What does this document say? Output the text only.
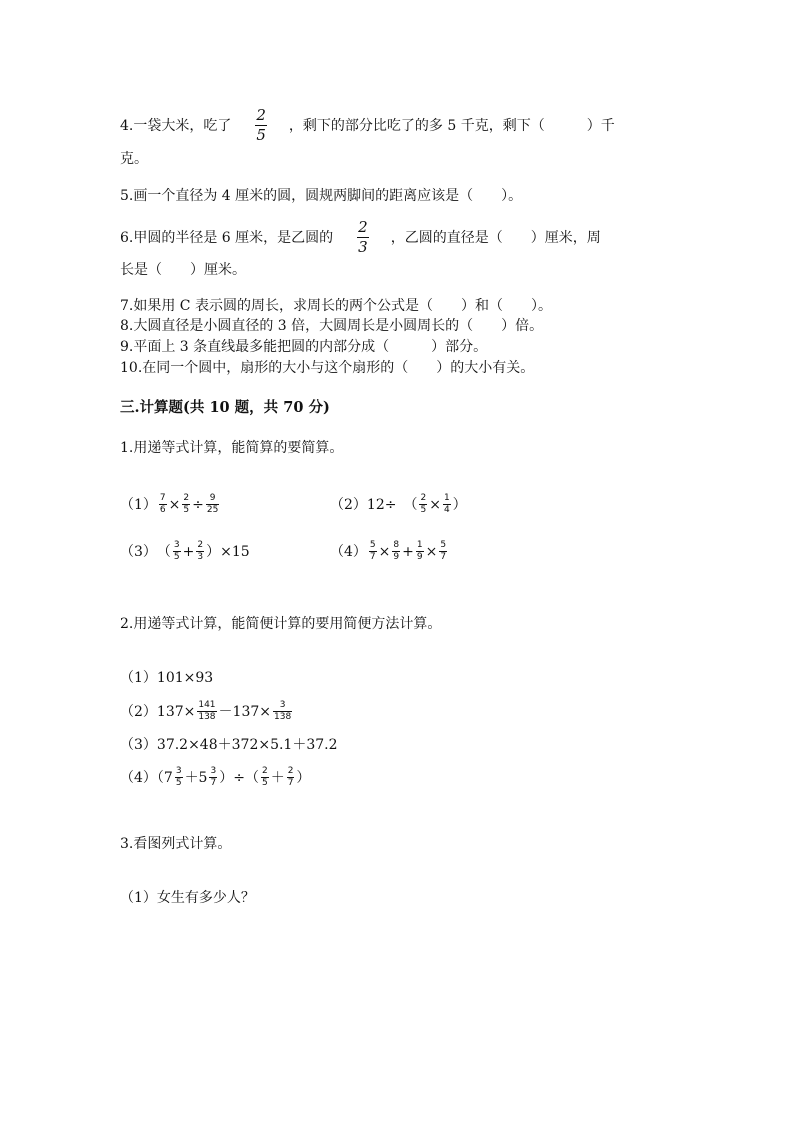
4.一袋大米，吃了 $\frac{2}{5}$ ，剩下的部分比吃了的多 5 千克，剩下（　　　）千
克。
5.画一个直径为 4 厘米的圆，圆规两脚间的距离应该是（　　）。
6.甲圆的半径是 6 厘米，是乙圆的 $\frac{2}{3}$ ，乙圆的直径是（　　）厘米，周
长是（　　）厘米。
7.如果用 C 表示圆的周长，求周长的两个公式是（　　）和（　　）。
8.大圆直径是小圆直径的 3 倍，大圆周长是小圆周长的（　　）倍。
9.平面上 3 条直线最多能把圆的内部分成（　　　）部分。
10.在同一个圆中，扇形的大小与这个扇形的（　　）的大小有关。
三.计算题(共 10 题，共 70 分)
1.用递等式计算，能简算的要简算。
$(1) \frac{7}{6} \times \frac{2}{5} \div \frac{9}{25}$	（2）12÷　（ $\frac{2}{5} \times \frac{1}{4}$ ）
$(3)( \frac{3}{5} + \frac{2}{3} )\times 15$	$(4) \frac{5}{7} \times \frac{8}{9} + \frac{1}{9} \times \frac{5}{7}$
2.用递等式计算，能简便计算的要用简便方法计算。
（1）101×93
$(2)137\times \frac{141}{138} -137\times \frac{3}{138}$
（3）37.2×48＋372×5.1＋37.2
$(4)(7 \frac{3}{5} +5 \frac{3}{7}$ ）÷（ $\frac{2}{5} + \frac{2}{7}$ ）
3.看图列式计算。
（1）女生有多少人？
